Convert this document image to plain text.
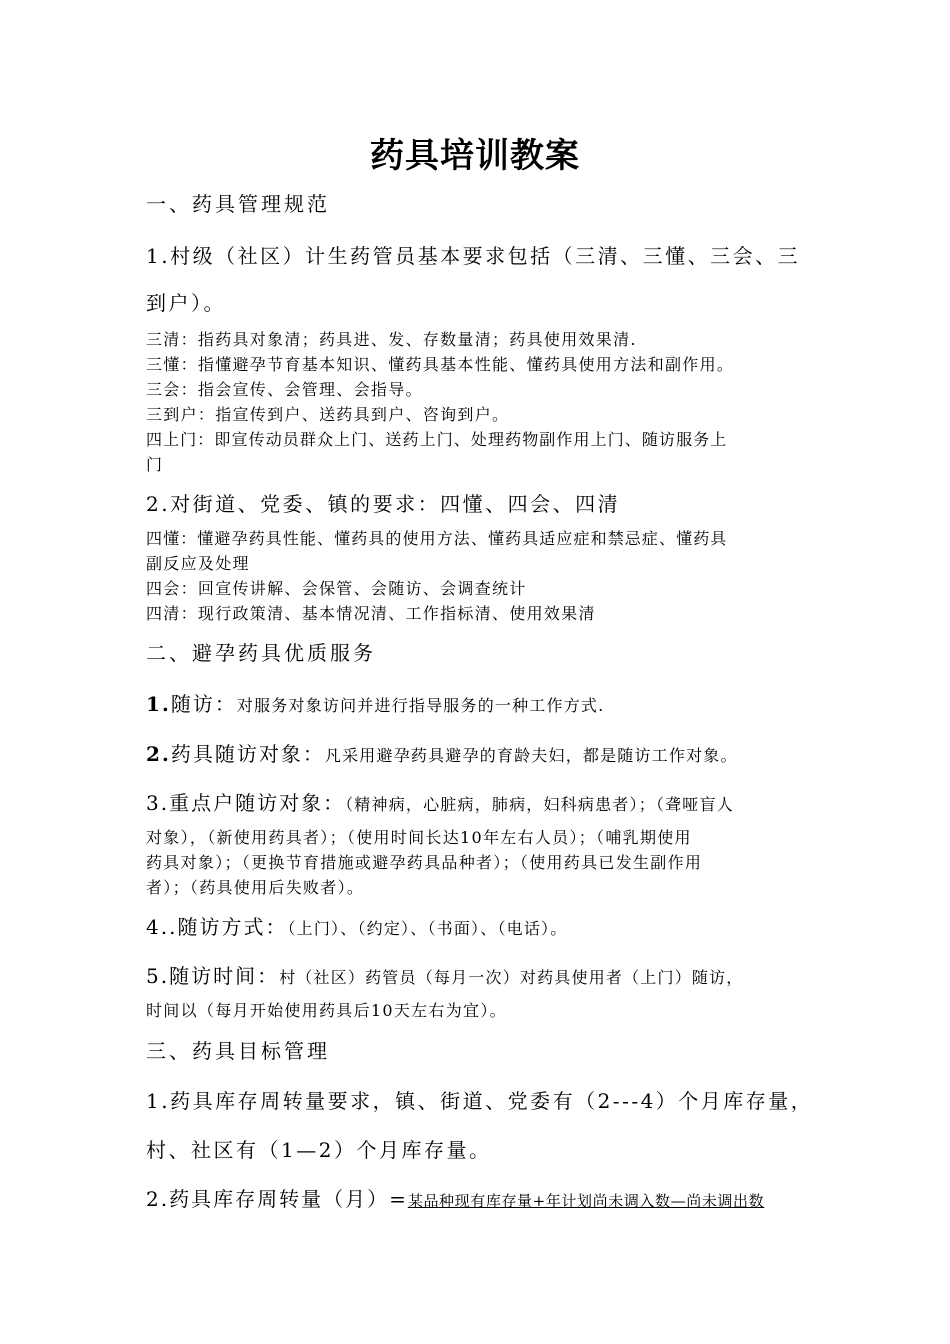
药具培训教案

一、药具管理规范

1.村级（社区）计生药管员基本要求包括（三清、三懂、三会、三

到户）。

三清：指药具对象清；药具进、发、存数量清；药具使用效果清.

三懂：指懂避孕节育基本知识、懂药具基本性能、懂药具使用方法和副作用。

三会：指会宣传、会管理、会指导。

三到户：指宣传到户、送药具到户、咨询到户。

四上门：即宣传动员群众上门、送药上门、处理药物副作用上门、随访服务上

门

2.对街道、党委、镇的要求：四懂、四会、四清

四懂：懂避孕药具性能、懂药具的使用方法、懂药具适应症和禁忌症、懂药具

副反应及处理

四会：回宣传讲解、会保管、会随访、会调查统计

四清：现行政策清、基本情况清、工作指标清、使用效果清

二、避孕药具优质服务

1.随访：对服务对象访问并进行指导服务的一种工作方式.

2.药具随访对象：凡采用避孕药具避孕的育龄夫妇，都是随访工作对象。

3.重点户随访对象：（精神病，心脏病，肺病，妇科病患者）；（聋哑盲人

对象），（新使用药具者）；（使用时间长达10年左右人员）；（哺乳期使用

药具对象）；（更换节育措施或避孕药具品种者）；（使用药具已发生副作用

者）；（药具使用后失败者）。

4..随访方式：（上门）、（约定）、（书面）、（电话）。

5.随访时间：村（社区）药管员（每月一次）对药具使用者（上门）随访，

时间以（每月开始使用药具后10天左右为宜）。

三、药具目标管理

1.药具库存周转量要求，镇、街道、党委有（2---4）个月库存量，

村、社区有（1—2）个月库存量。

2.药具库存周转量（月）=某品种现有库存量+年计划尚未调入数—尚未调出数
